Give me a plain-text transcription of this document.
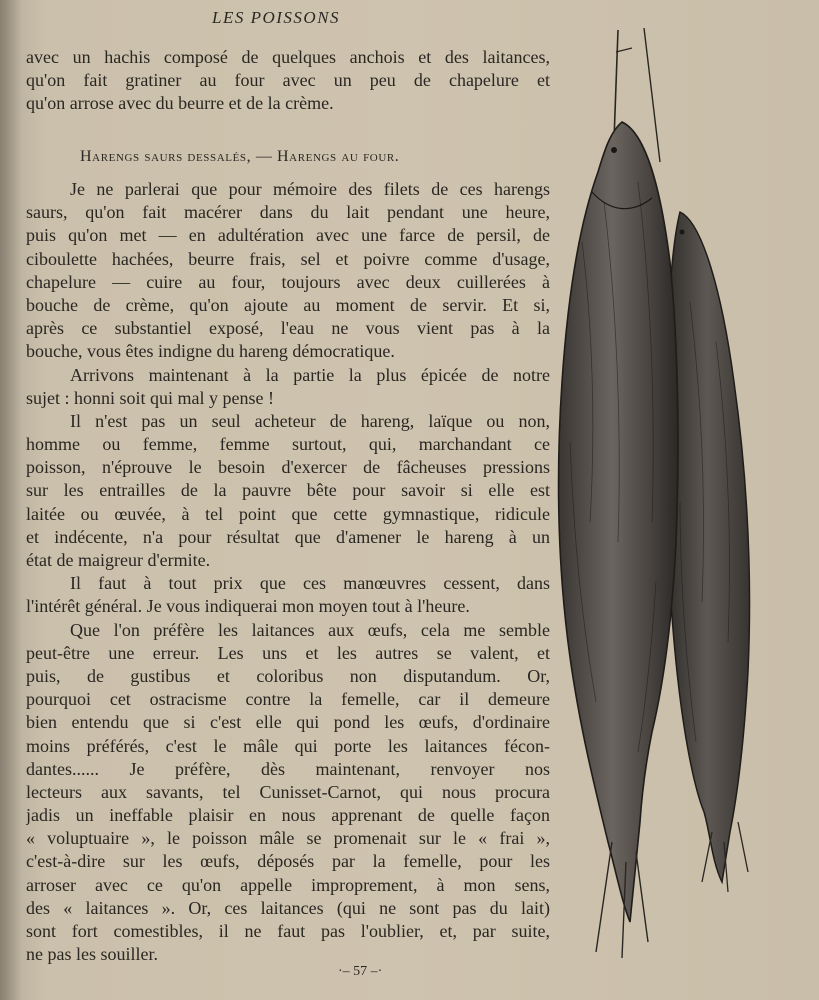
LES POISSONS
avec un hachis composé de quelques anchois et des laitances,
qu'on fait gratiner au four avec un peu de chapelure et
qu'on arrose avec du beurre et de la crème.
Harengs saurs dessalés, — Harengs au four.
Je ne parlerai que pour mémoire des filets de ces harengs
saurs, qu'on fait macérer dans du lait pendant une heure,
puis qu'on met — en adultération avec une farce de persil, de
ciboulette hachées, beurre frais, sel et poivre comme d'usage,
chapelure — cuire au four, toujours avec deux cuillerées à
bouche de crème, qu'on ajoute au moment de servir. Et si,
après ce substantiel exposé, l'eau ne vous vient pas à la
bouche, vous êtes indigne du hareng démocratique.
Arrivons maintenant à la partie la plus épicée de notre
sujet : honni soit qui mal y pense !
Il n'est pas un seul acheteur de hareng, laïque ou non,
homme ou femme, femme surtout, qui, marchandant ce
poisson, n'éprouve le besoin d'exercer de fâcheuses pressions
sur les entrailles de la pauvre bête pour savoir si elle est
laitée ou œuvée, à tel point que cette gymnastique, ridicule
et indécente, n'a pour résultat que d'amener le hareng à un
état de maigreur d'ermite.
Il faut à tout prix que ces manœuvres cessent, dans
l'intérêt général. Je vous indiquerai mon moyen tout à l'heure.
Que l'on préfère les laitances aux œufs, cela me semble
peut-être une erreur. Les uns et les autres se valent, et
puis, de gustibus et coloribus non disputandum. Or,
pourquoi cet ostracisme contre la femelle, car il demeure
bien entendu que si c'est elle qui pond les œufs, d'ordinaire
moins préférés, c'est le mâle qui porte les laitances fécon-
dantes...... Je préfère, dès maintenant, renvoyer nos
lecteurs aux savants, tel Cunisset-Carnot, qui nous procura
jadis un ineffable plaisir en nous apprenant de quelle façon
« voluptuaire », le poisson mâle se promenait sur le « frai »,
c'est-à-dire sur les œufs, déposés par la femelle, pour les
arroser avec ce qu'on appelle improprement, à mon sens,
des « laitances ». Or, ces laitances (qui ne sont pas du lait)
sont fort comestibles, il ne faut pas l'oublier, et, par suite,
ne pas les souiller.
·– 57 –·
